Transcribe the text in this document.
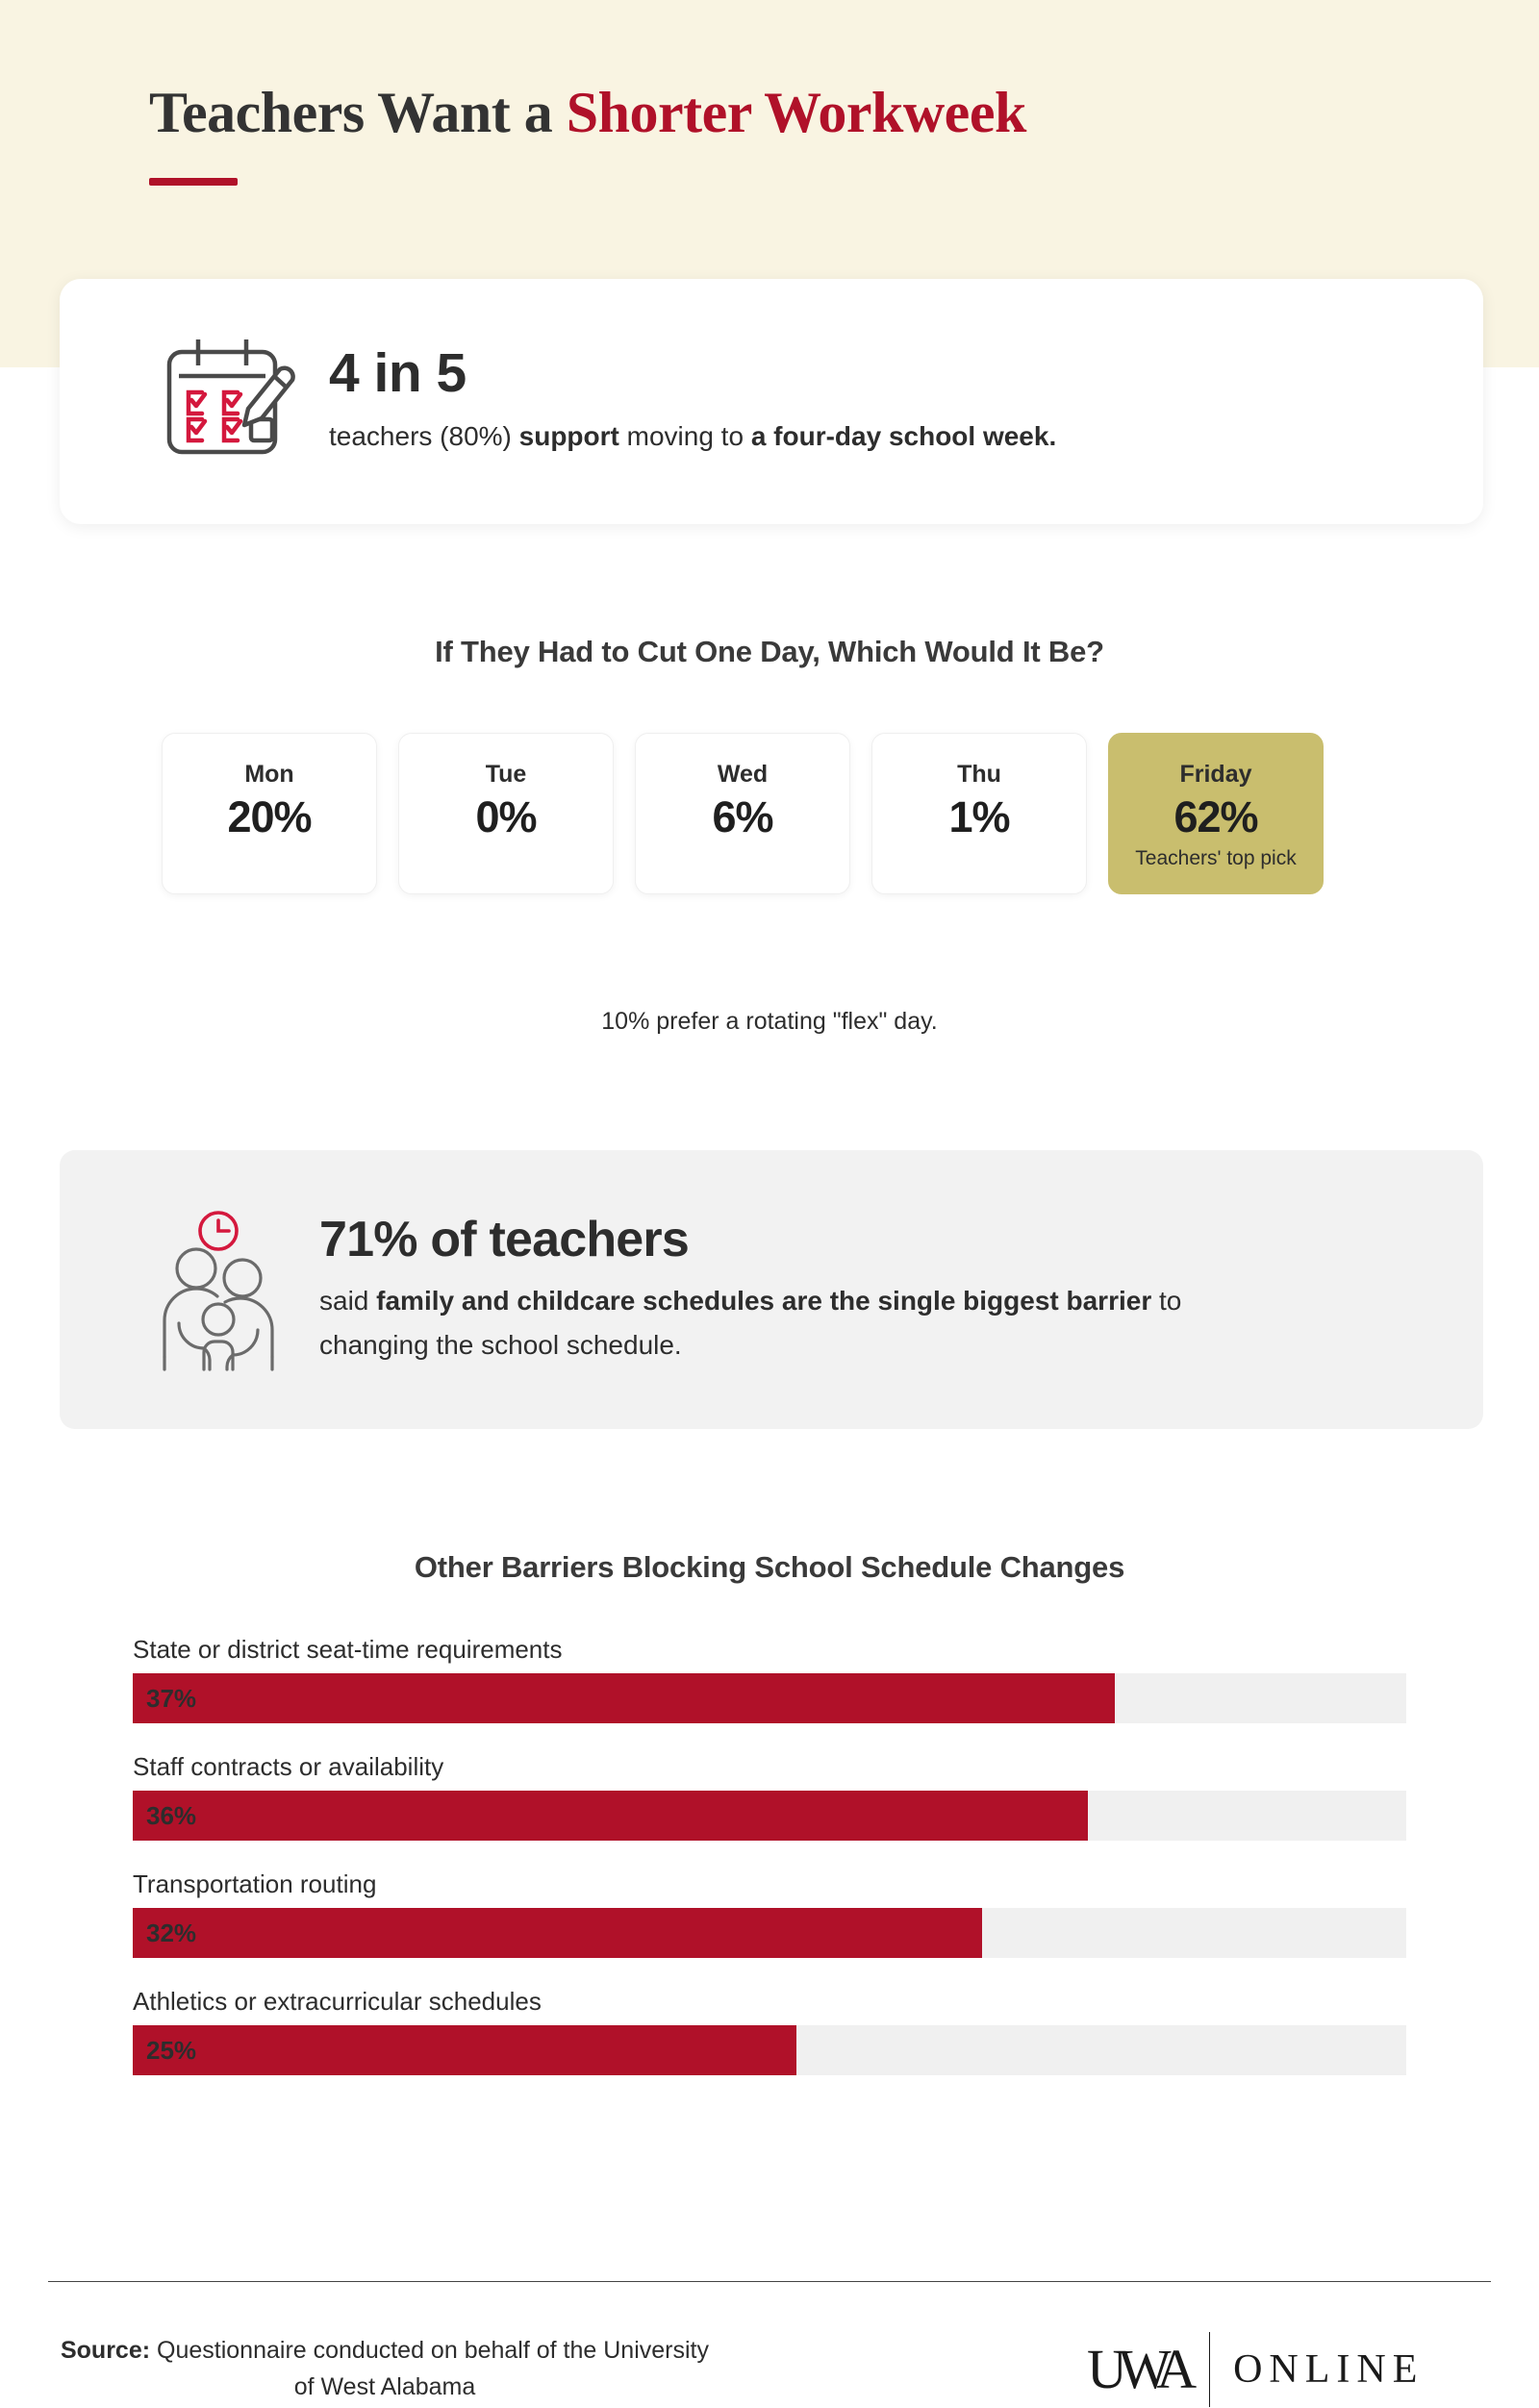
Teachers Want a Shorter Workweek
4 in 5
teachers (80%) support moving to a four-day school week.
If They Had to Cut One Day, Which Would It Be?
Mon
20%
Tue
0%
Wed
6%
Thu
1%
Friday
62%
Teachers' top pick
10% prefer a rotating "flex" day.
71% of teachers
said family and childcare schedules are the single biggest barrier to changing the school schedule.
Other Barriers Blocking School Schedule Changes
State or district seat-time requirements
37%
Staff contracts or availability
36%
Transportation routing
32%
Athletics or extracurricular schedules
25%
Source: Questionnaire conducted on behalf of the University of West Alabama	UWA	ONLINE
